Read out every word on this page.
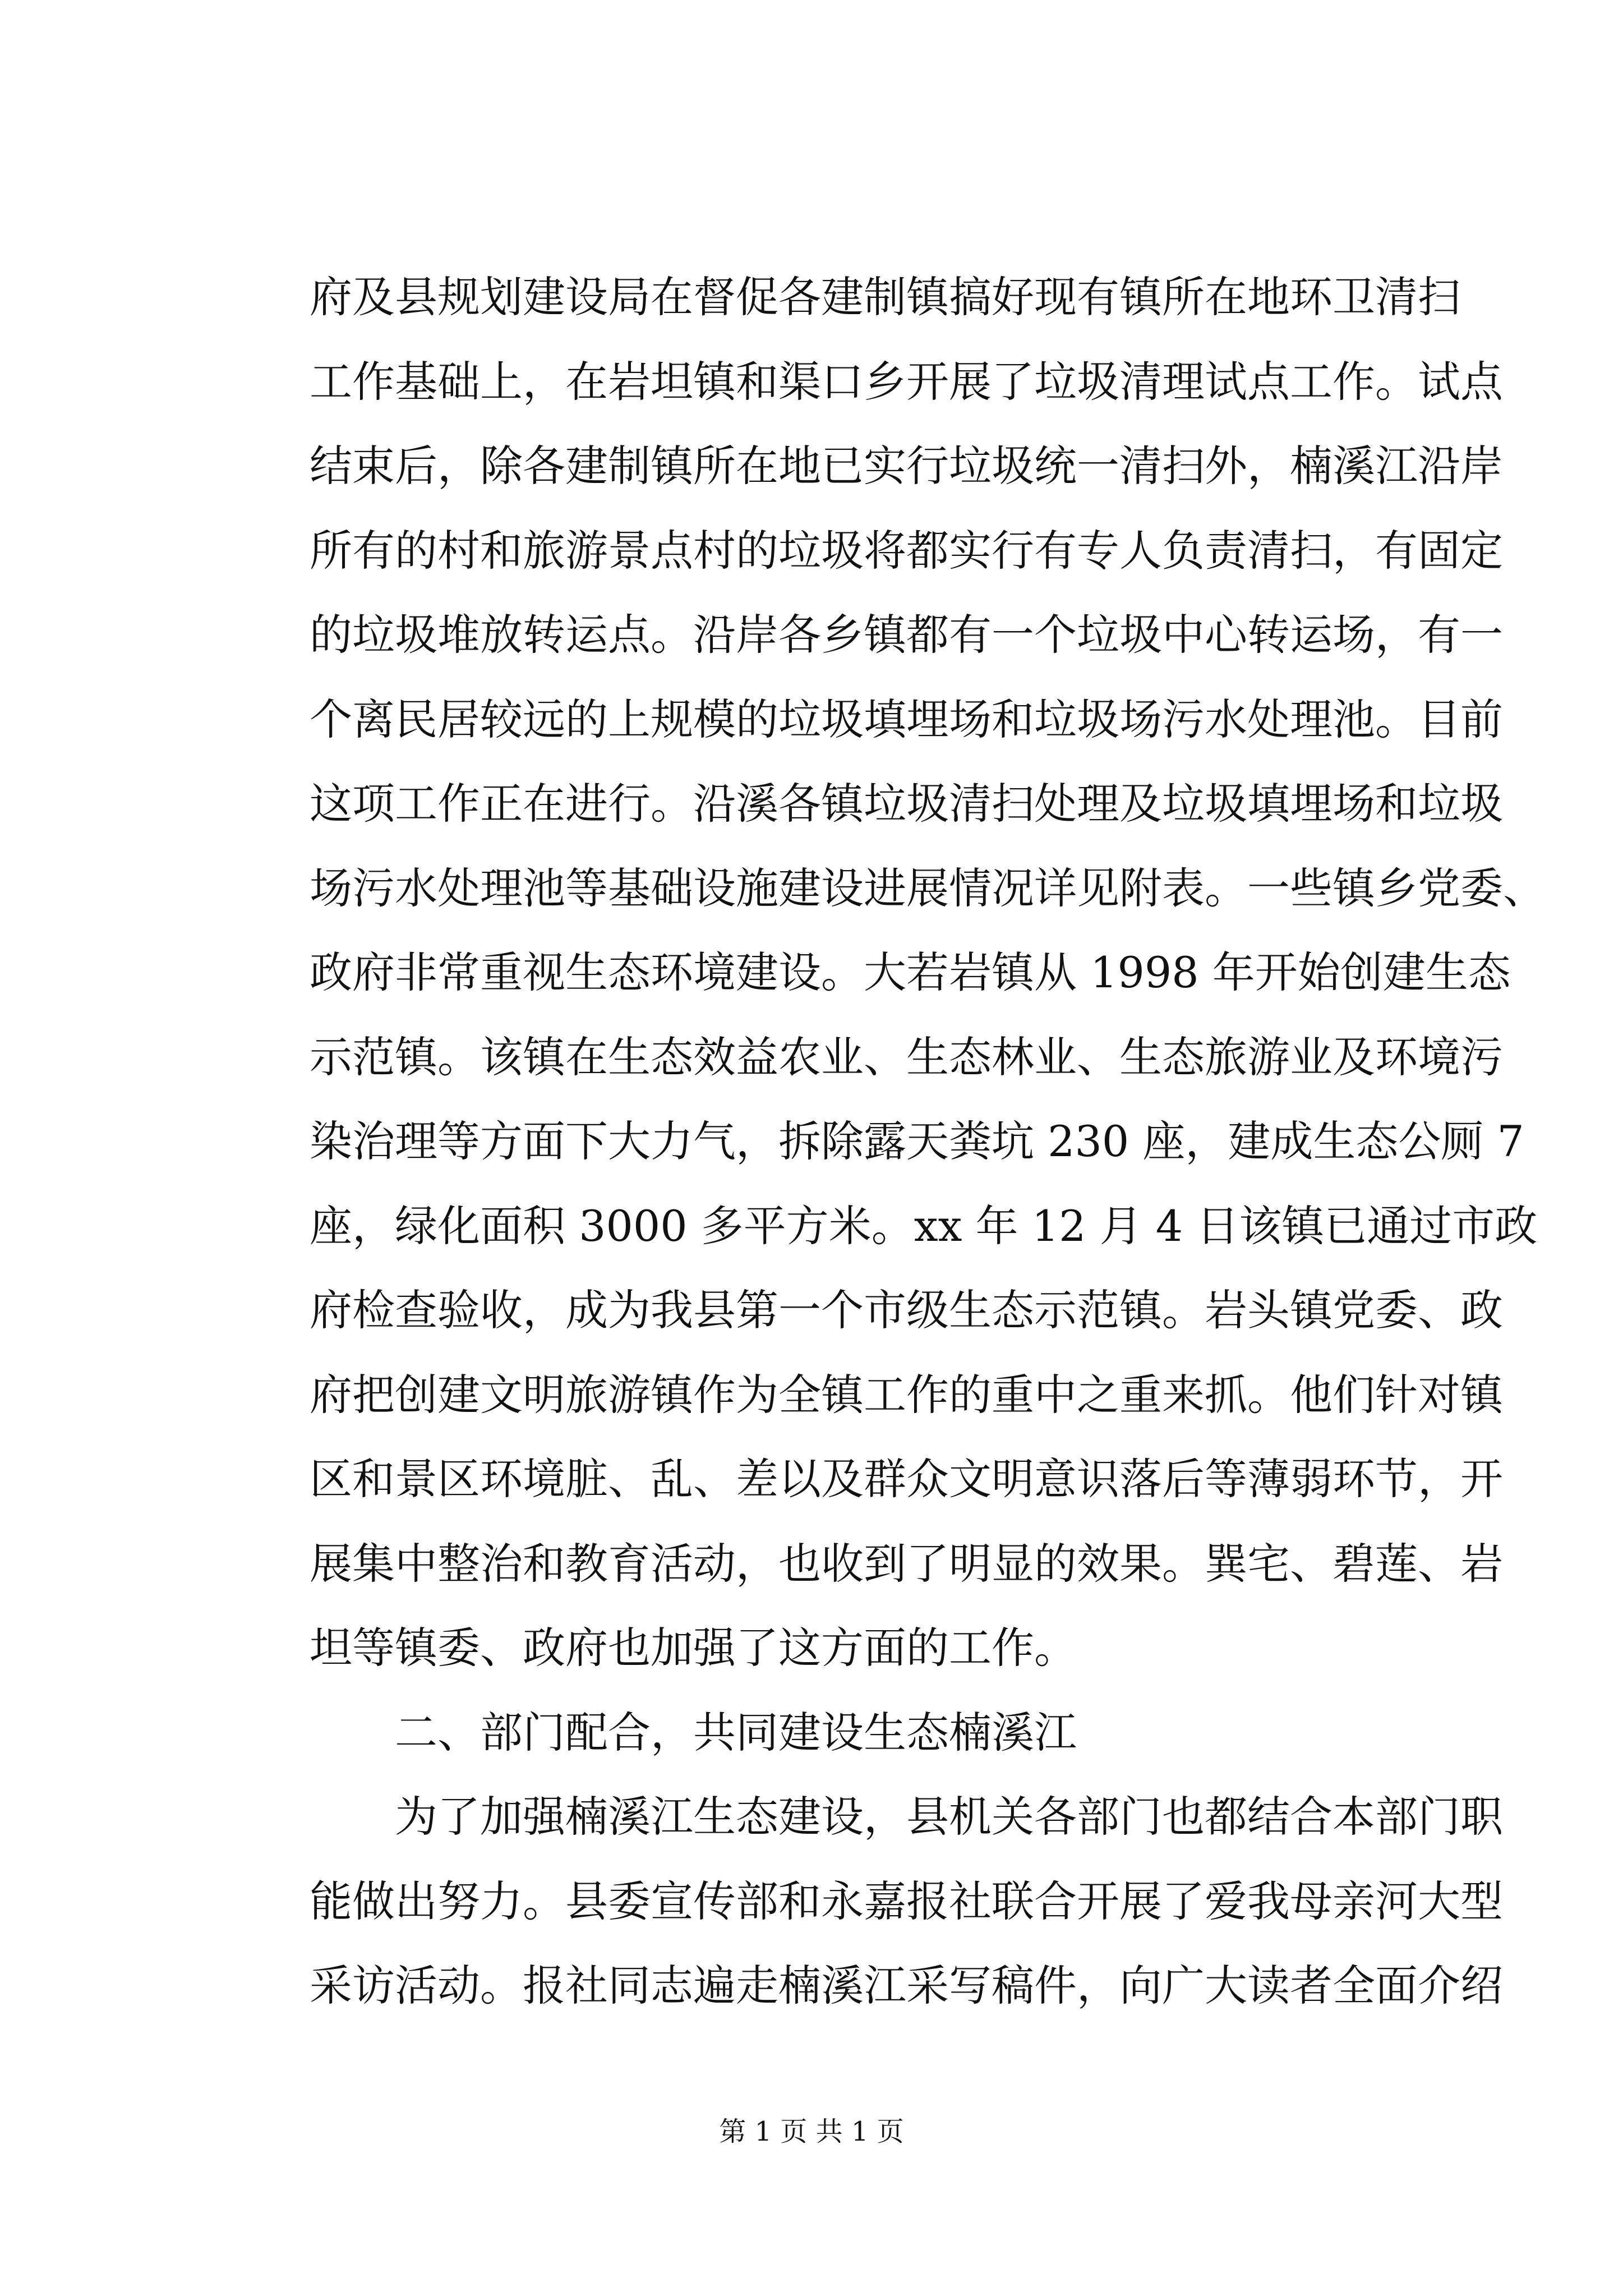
府及县规划建设局在督促各建制镇搞好现有镇所在地环卫清扫
工作基础上，在岩坦镇和渠口乡开展了垃圾清理试点工作。试点
结束后，除各建制镇所在地已实行垃圾统一清扫外，楠溪江沿岸
所有的村和旅游景点村的垃圾将都实行有专人负责清扫，有固定
的垃圾堆放转运点。沿岸各乡镇都有一个垃圾中心转运场，有一
个离民居较远的上规模的垃圾填埋场和垃圾场污水处理池。目前
这项工作正在进行。沿溪各镇垃圾清扫处理及垃圾填埋场和垃圾
场污水处理池等基础设施建设进展情况详见附表。一些镇乡党委、
政府非常重视生态环境建设。大若岩镇从 1998 年开始创建生态
示范镇。该镇在生态效益农业、生态林业、生态旅游业及环境污
染治理等方面下大力气，拆除露天粪坑 230 座，建成生态公厕 7
座，绿化面积 3000 多平方米。xx 年 12 月 4 日该镇已通过市政
府检查验收，成为我县第一个市级生态示范镇。岩头镇党委、政
府把创建文明旅游镇作为全镇工作的重中之重来抓。他们针对镇
区和景区环境脏、乱、差以及群众文明意识落后等薄弱环节，开
展集中整治和教育活动，也收到了明显的效果。巽宅、碧莲、岩
坦等镇委、政府也加强了这方面的工作。
二、部门配合，共同建设生态楠溪江
为了加强楠溪江生态建设，县机关各部门也都结合本部门职
能做出努力。县委宣传部和永嘉报社联合开展了爱我母亲河大型
采访活动。报社同志遍走楠溪江采写稿件，向广大读者全面介绍
第 1 页 共 1 页
